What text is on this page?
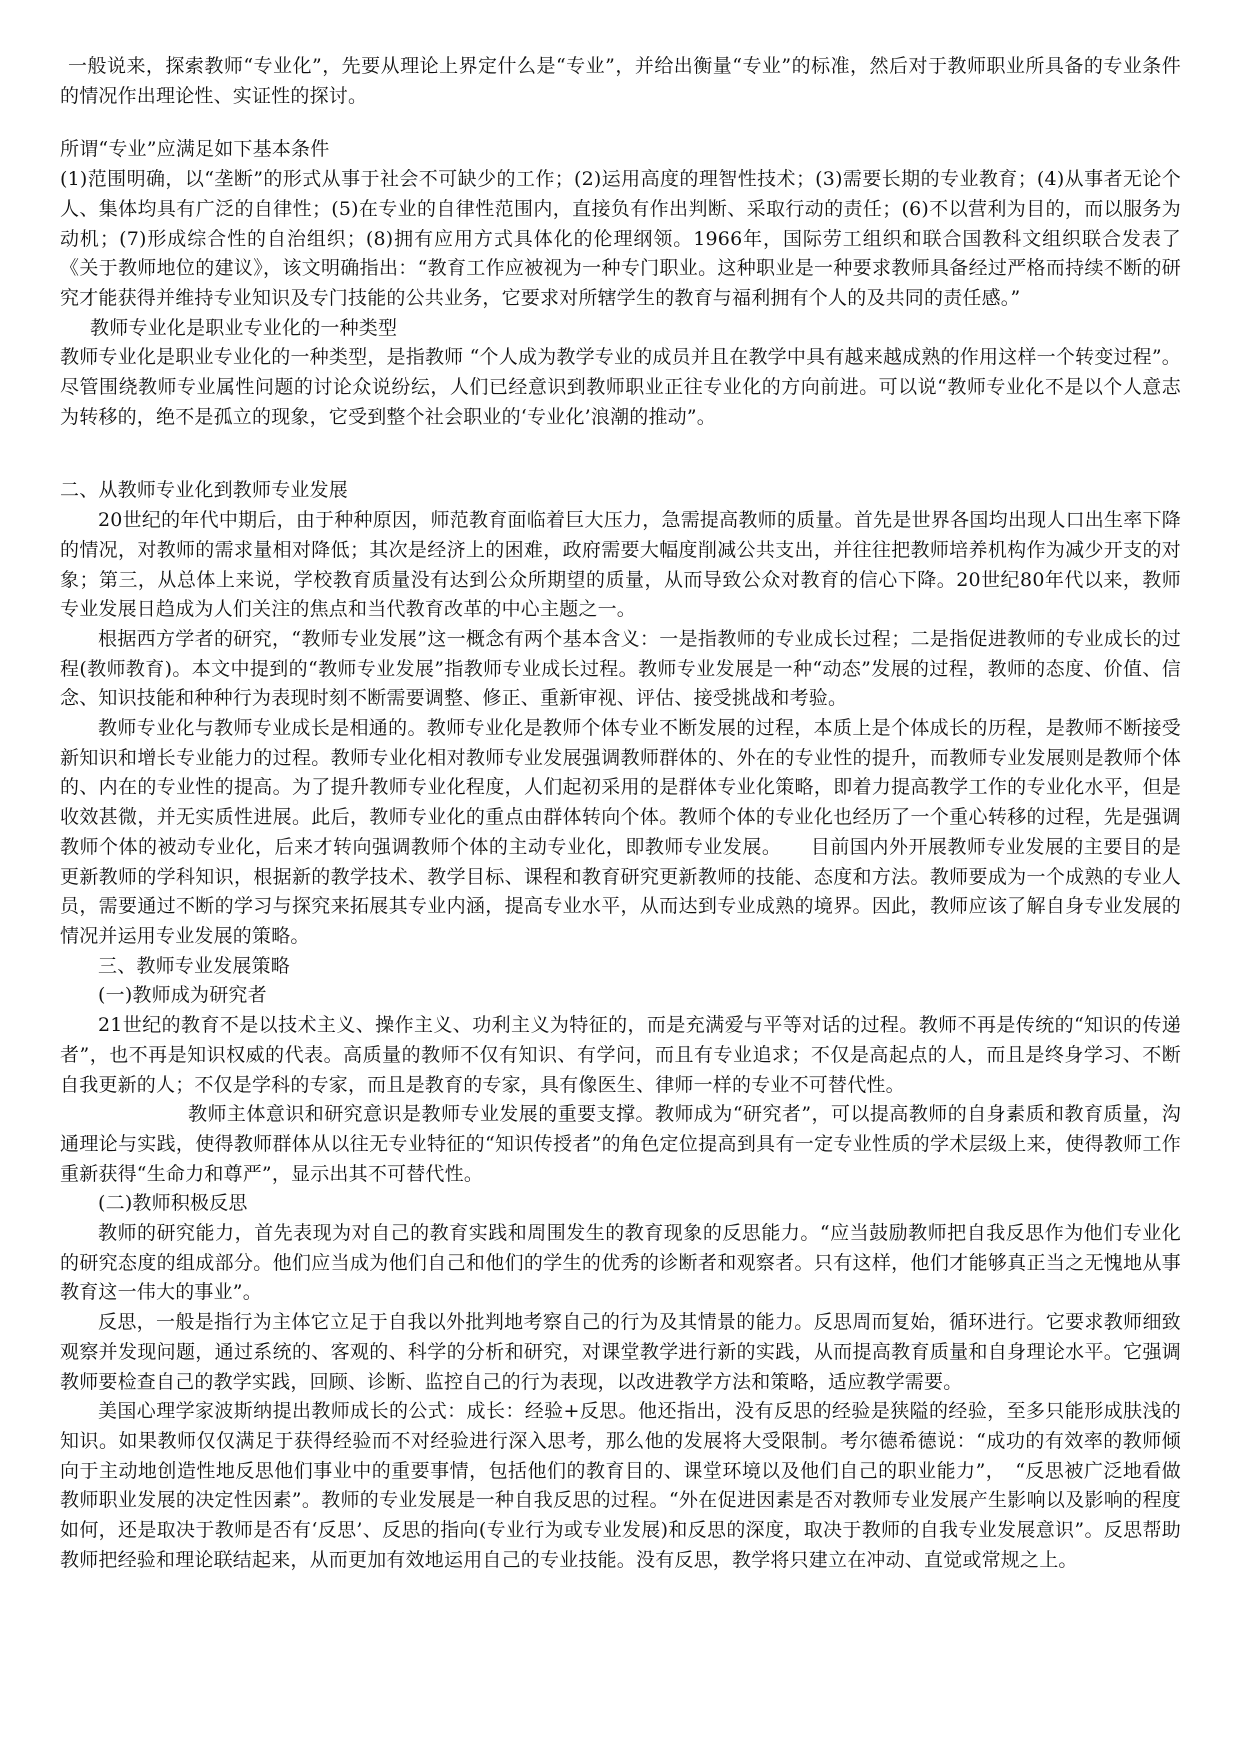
一般说来，探索教师“专业化”，先要从理论上界定什么是“专业”，并给出衡量“专业”的标准，然后对于教师职业所具备的专业条件的情况作出理论性、实证性的探讨。

所谓“专业”应满足如下基本条件

(1)范围明确，以“垄断”的形式从事于社会不可缺少的工作；(2)运用高度的理智性技术；(3)需要长期的专业教育；(4)从事者无论个人、集体均具有广泛的自律性；(5)在专业的自律性范围内，直接负有作出判断、采取行动的责任；(6)不以营利为目的，而以服务为动机；(7)形成综合性的自治组织；(8)拥有应用方式具体化的伦理纲领。1966年，国际劳工组织和联合国教科文组织联合发表了《关于教师地位的建议》，该文明确指出：“教育工作应被视为一种专门职业。这种职业是一种要求教师具备经过严格而持续不断的研究才能获得并维持专业知识及专门技能的公共业务，它要求对所辖学生的教育与福利拥有个人的及共同的责任感。”

教师专业化是职业专业化的一种类型

教师专业化是职业专业化的一种类型，是指教师 “个人成为教学专业的成员并且在教学中具有越来越成熟的作用这样一个转变过程”。尽管围绕教师专业属性问题的讨论众说纷纭，人们已经意识到教师职业正往专业化的方向前进。可以说“教师专业化不是以个人意志为转移的，绝不是孤立的现象，它受到整个社会职业的‘专业化’浪潮的推动”。

二、从教师专业化到教师专业发展

20世纪的年代中期后，由于种种原因，师范教育面临着巨大压力，急需提高教师的质量。首先是世界各国均出现人口出生率下降的情况，对教师的需求量相对降低；其次是经济上的困难，政府需要大幅度削减公共支出，并往往把教师培养机构作为减少开支的对象；第三，从总体上来说，学校教育质量没有达到公众所期望的质量，从而导致公众对教育的信心下降。20世纪80年代以来，教师专业发展日趋成为人们关注的焦点和当代教育改革的中心主题之一。

根据西方学者的研究，“教师专业发展”这一概念有两个基本含义：一是指教师的专业成长过程；二是指促进教师的专业成长的过程(教师教育)。本文中提到的“教师专业发展”指教师专业成长过程。教师专业发展是一种“动态”发展的过程，教师的态度、价值、信念、知识技能和种种行为表现时刻不断需要调整、修正、重新审视、评估、接受挑战和考验。

教师专业化与教师专业成长是相通的。教师专业化是教师个体专业不断发展的过程，本质上是个体成长的历程，是教师不断接受新知识和增长专业能力的过程。教师专业化相对教师专业发展强调教师群体的、外在的专业性的提升，而教师专业发展则是教师个体的、内在的专业性的提高。为了提升教师专业化程度，人们起初采用的是群体专业化策略，即着力提高教学工作的专业化水平，但是收效甚微，并无实质性进展。此后，教师专业化的重点由群体转向个体。教师个体的专业化也经历了一个重心转移的过程，先是强调教师个体的被动专业化，后来才转向强调教师个体的主动专业化，即教师专业发展。　　目前国内外开展教师专业发展的主要目的是更新教师的学科知识，根据新的教学技术、教学目标、课程和教育研究更新教师的技能、态度和方法。教师要成为一个成熟的专业人员，需要通过不断的学习与探究来拓展其专业内涵，提高专业水平，从而达到专业成熟的境界。因此，教师应该了解自身专业发展的情况并运用专业发展的策略。

三、教师专业发展策略

(一)教师成为研究者

21世纪的教育不是以技术主义、操作主义、功利主义为特征的，而是充满爱与平等对话的过程。教师不再是传统的“知识的传递者”，也不再是知识权威的代表。高质量的教师不仅有知识、有学问，而且有专业追求；不仅是高起点的人，而且是终身学习、不断自我更新的人；不仅是学科的专家，而且是教育的专家，具有像医生、律师一样的专业不可替代性。

教师主体意识和研究意识是教师专业发展的重要支撑。教师成为“研究者”，可以提高教师的自身素质和教育质量，沟通理论与实践，使得教师群体从以往无专业特征的“知识传授者”的角色定位提高到具有一定专业性质的学术层级上来，使得教师工作重新获得“生命力和尊严”，显示出其不可替代性。

(二)教师积极反思

教师的研究能力，首先表现为对自己的教育实践和周围发生的教育现象的反思能力。“应当鼓励教师把自我反思作为他们专业化的研究态度的组成部分。他们应当成为他们自己和他们的学生的优秀的诊断者和观察者。只有这样，他们才能够真正当之无愧地从事教育这一伟大的事业”。

反思，一般是指行为主体它立足于自我以外批判地考察自己的行为及其情景的能力。反思周而复始，循环进行。它要求教师细致观察并发现问题，通过系统的、客观的、科学的分析和研究，对课堂教学进行新的实践，从而提高教育质量和自身理论水平。它强调教师要检查自己的教学实践，回顾、诊断、监控自己的行为表现，以改进教学方法和策略，适应教学需要。

美国心理学家波斯纳提出教师成长的公式：成长：经验+反思。他还指出，没有反思的经验是狭隘的经验，至多只能形成肤浅的知识。如果教师仅仅满足于获得经验而不对经验进行深入思考，那么他的发展将大受限制。考尔德希德说：“成功的有效率的教师倾向于主动地创造性地反思他们事业中的重要事情，包括他们的教育目的、课堂环境以及他们自己的职业能力”，　“反思被广泛地看做教师职业发展的决定性因素”。教师的专业发展是一种自我反思的过程。“外在促进因素是否对教师专业发展产生影响以及影响的程度如何，还是取决于教师是否有‘反思’、反思的指向(专业行为或专业发展)和反思的深度，取决于教师的自我专业发展意识”。反思帮助教师把经验和理论联结起来，从而更加有效地运用自己的专业技能。没有反思，教学将只建立在冲动、直觉或常规之上。
